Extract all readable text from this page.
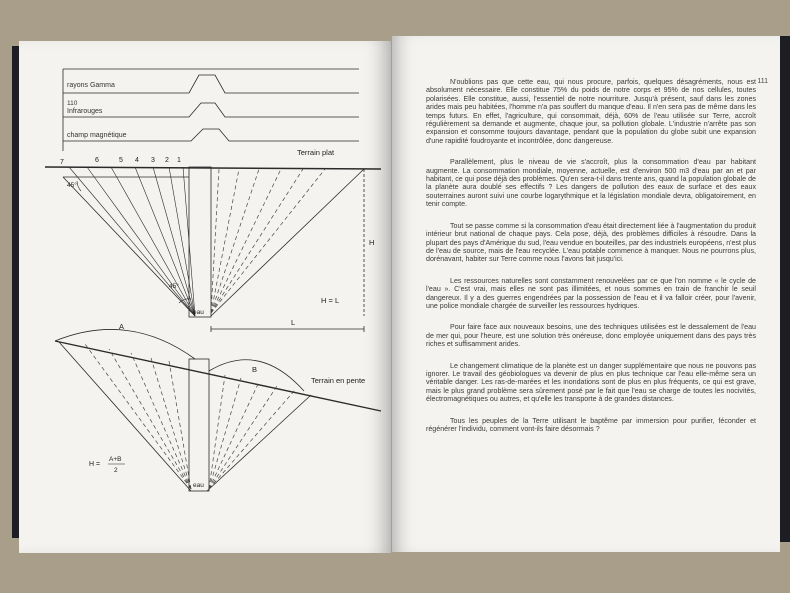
rayons Gamma
110
Infrarouges
champ magnétique
Terrain plat
7	6	5 4 3 2 1
45°
45°
eau
H
L
H = L
A
B
Terrain en pente
eau
H =
A+B
2
111

N'oublions pas que cette eau, qui nous procure, parfois, quelques désagréments, nous est absolument nécessaire. Elle constitue 75% du poids de notre corps et 95% de nos cellules, toutes polarisées. Elle constitue, aussi, l'essentiel de notre nourriture. Jusqu'à présent, sauf dans les zones arides mais peu habitées, l'homme n'a pas souffert du manque d'eau. Il n'en sera pas de même dans les temps futurs. En effet, l'agriculture, qui consommait, déjà, 60% de l'eau utilisée sur Terre, accroît régulièrement sa demande et augmente, chaque jour, sa pollution globale. L'industrie n'arrête pas son expansion et consomme toujours davantage, pendant que la population du globe subit une expansion d'une rapidité foudroyante et incontrôlée, donc dangereuse.

Parallèlement, plus le niveau de vie s'accroît, plus la consommation d'eau par habitant augmente. La consommation mondiale, moyenne, actuelle, est d'environ 500 m3 d'eau par an et par habitant, ce qui pose déjà des problèmes. Qu'en sera-t-il dans trente ans, quand la population globale de la planète aura doublé ses effectifs ? Les dangers de pollution des eaux de surface et des eaux souterraines auront suivi une courbe logarythmique et la législation mondiale devra, obligatoirement, en tenir compte.

Tout se passe comme si la consommation d'eau était directement liée à l'augmentation du produit intérieur brut national de chaque pays. Cela pose, déjà, des problèmes difficiles à résoudre. Dans la plupart des pays d'Amérique du sud, l'eau vendue en bouteilles, par des industriels européens, n'est plus de l'eau de source, mais de l'eau recyclée. L'eau potable commence à manquer. Nous ne pourrons plus, dorénavant, habiter sur Terre comme nous l'avons fait jusqu'ici.

Les ressources naturelles sont constamment renouvelées par ce que l'on nomme « le cycle de l'eau ». C'est vrai, mais elles ne sont pas illimitées, et nous sommes en train de franchir le seuil dangereux. Il y a des guerres engendrées par la possession de l'eau et il va falloir créer, pour l'avenir, une police mondiale chargée de surveiller les ressources hydriques.

Pour faire face aux nouveaux besoins, une des techniques utilisées est le dessalement de l'eau de mer qui, pour l'heure, est une solution très onéreuse, donc employée uniquement dans des pays très riches et suffisamment arides.

Le changement climatique de la planète est un danger supplémentaire que nous ne pouvons pas ignorer. Le travail des géobiologues va devenir de plus en plus technique car l'eau elle-même sera un véritable danger. Les ras-de-marées et les inondations sont de plus en plus fréquents, ce qui est grave, mais le plus grand problème sera sûrement posé par le fait que l'eau se charge de toutes les nocivités, électromagnétiques ou autres, et qu'elle les transporte à de grandes distances.

Tous les peuples de la Terre utilisant le baptême par immersion pour purifier, féconder et régénérer l'individu, comment vont-ils faire désormais ?
